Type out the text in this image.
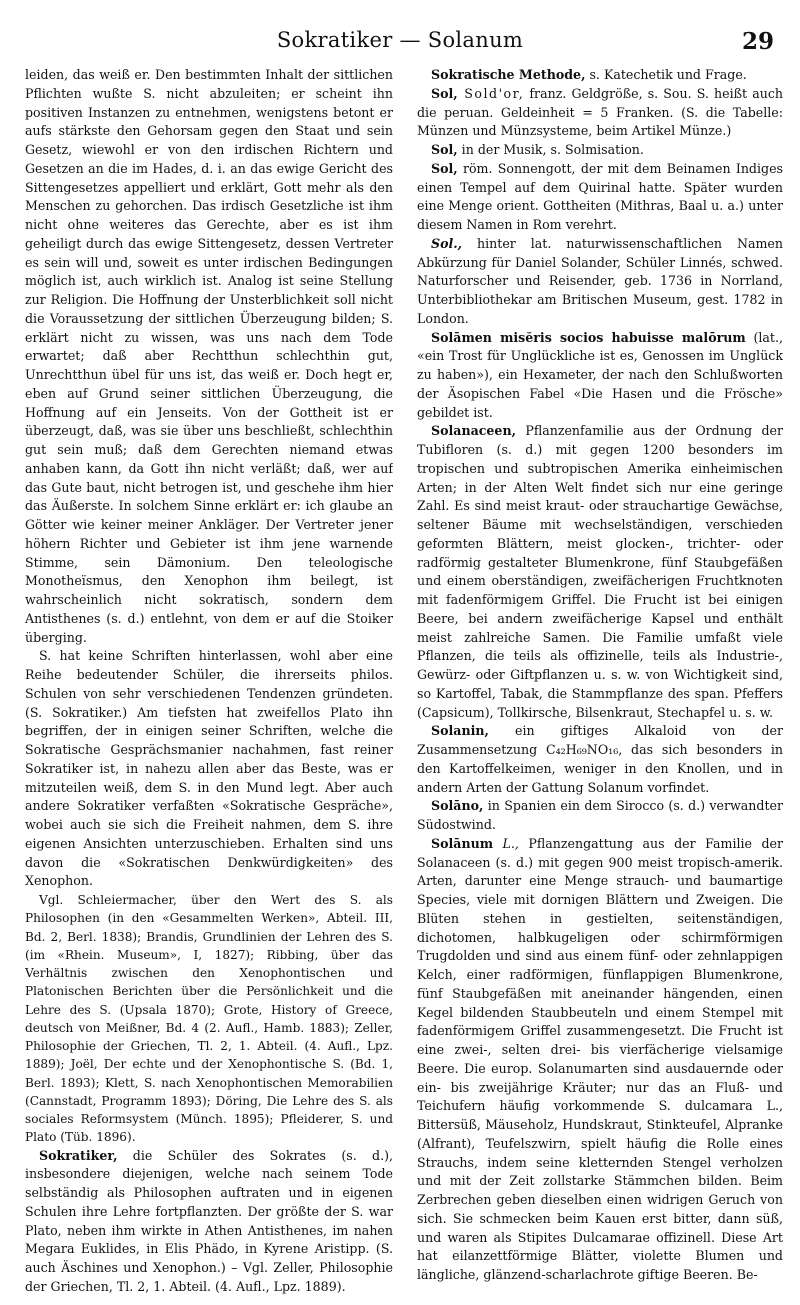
Sokratiker — Solanum	29

leiden, das weiß er. Den bestimmten Inhalt der sittlichen Pflichten wußte S. nicht abzuleiten; er scheint ihn positiven Instanzen zu entnehmen, wenigstens betont er aufs stärkste den Gehorsam gegen den Staat und sein Gesetz, wiewohl er von den irdischen Richtern und Gesetzen an die im Hades, d. i. an das ewige Gericht des Sittengesetzes appelliert und erklärt, Gott mehr als den Menschen zu gehorchen. Das irdisch Gesetzliche ist ihm nicht ohne weiteres das Gerechte, aber es ist ihm geheiligt durch das ewige Sittengesetz, dessen Vertreter es sein will und, soweit es unter irdischen Bedingungen möglich ist, auch wirklich ist. Analog ist seine Stellung zur Religion. Die Hoffnung der Unsterblichkeit soll nicht die Voraussetzung der sittlichen Überzeugung bilden; S. erklärt nicht zu wissen, was uns nach dem Tode erwartet; daß aber Rechtthun schlechthin gut, Unrechtthun übel für uns ist, das weiß er. Doch hegt er, eben auf Grund seiner sittlichen Überzeugung, die Hoffnung auf ein Jenseits. Von der Gottheit ist er überzeugt, daß, was sie über uns beschließt, schlechthin gut sein muß; daß dem Gerechten niemand etwas anhaben kann, da Gott ihn nicht verläßt; daß, wer auf das Gute baut, nicht betrogen ist, und geschehe ihm hier das Äußerste. In solchem Sinne erklärt er: ich glaube an Götter wie keiner meiner Ankläger. Der Vertreter jener höhern Richter und Gebieter ist ihm jene warnende Stimme, sein Dämonium. Den teleologische Monotheïsmus, den Xenophon ihm beilegt, ist wahrscheinlich nicht sokratisch, sondern dem Antisthenes (s. d.) entlehnt, von dem er auf die Stoiker überging.

S. hat keine Schriften hinterlassen, wohl aber eine Reihe bedeutender Schüler, die ihrerseits philos. Schulen von sehr verschiedenen Tendenzen gründeten. (S. Sokratiker.) Am tiefsten hat zweifellos Plato ihn begriffen, der in einigen seiner Schriften, welche die Sokratische Gesprächsmanier nachahmen, fast reiner Sokratiker ist, in nahezu allen aber das Beste, was er mitzuteilen weiß, dem S. in den Mund legt. Aber auch andere Sokratiker verfaßten «Sokratische Gespräche», wobei auch sie sich die Freiheit nahmen, dem S. ihre eigenen Ansichten unterzuschieben. Erhalten sind uns davon die «Sokratischen Denkwürdigkeiten» des Xenophon.

Vgl. Schleiermacher, über den Wert des S. als Philosophen (in den «Gesammelten Werken», Abteil. III, Bd. 2, Berl. 1838); Brandis, Grundlinien der Lehren des S. (im «Rhein. Museum», I, 1827); Ribbing, über das Verhältnis zwischen den Xenophontischen und Platonischen Berichten über die Persönlichkeit und die Lehre des S. (Upsala 1870); Grote, History of Greece, deutsch von Meißner, Bd. 4 (2. Aufl., Hamb. 1883); Zeller, Philosophie der Griechen, Tl. 2, 1. Abteil. (4. Aufl., Lpz. 1889); Joël, Der echte und der Xenophontische S. (Bd. 1, Berl. 1893); Klett, S. nach Xenophontischen Memorabilien (Cannstadt, Programm 1893); Döring, Die Lehre des S. als sociales Reformsystem (Münch. 1895); Pfleiderer, S. und Plato (Tüb. 1896).

Sokratiker, die Schüler des Sokrates (s. d.), insbesondere diejenigen, welche nach seinem Tode selbständig als Philosophen auftraten und in eigenen Schulen ihre Lehre fortpflanzten. Der größte der S. war Plato, neben ihm wirkte in Athen Antisthenes, im nahen Megara Euklides, in Elis Phädo, in Kyrene Aristipp. (S. auch Äschines und Xenophon.) – Vgl. Zeller, Philosophie der Griechen, Tl. 2, 1. Abteil. (4. Aufl., Lpz. 1889).

Sokratische Methode, s. Katechetik und Frage.

Sol, Sold'or, franz. Geldgröße, s. Sou. S. heißt auch die peruan. Geldeinheit = 5 Franken. (S. die Tabelle: Münzen und Münzsysteme, beim Artikel Münze.)

Sol, in der Musik, s. Solmisation.

Sol, röm. Sonnengott, der mit dem Beinamen Indiges einen Tempel auf dem Quirinal hatte. Später wurden eine Menge orient. Gottheiten (Mithras, Baal u. a.) unter diesem Namen in Rom verehrt.

Sol., hinter lat. naturwissenschaftlichen Namen Abkürzung für Daniel Solander, Schüler Linnés, schwed. Naturforscher und Reisender, geb. 1736 in Norrland, Unterbibliothekar am Britischen Museum, gest. 1782 in London.

Solāmen misĕris socios habuisse malōrum (lat., «ein Trost für Unglückliche ist es, Genossen im Unglück zu haben»), ein Hexameter, der nach den Schlußworten der Äsopischen Fabel «Die Hasen und die Frösche» gebildet ist.

Solanaceen, Pflanzenfamilie aus der Ordnung der Tubifloren (s. d.) mit gegen 1200 besonders im tropischen und subtropischen Amerika einheimischen Arten; in der Alten Welt findet sich nur eine geringe Zahl. Es sind meist kraut- oder strauchartige Gewächse, seltener Bäume mit wechselständigen, verschieden geformten Blättern, meist glocken-, trichter- oder radförmig gestalteter Blumenkrone, fünf Staubgefäßen und einem oberständigen, zweifächerigen Fruchtknoten mit fadenförmigem Griffel. Die Frucht ist bei einigen Beere, bei andern zweifächerige Kapsel und enthält meist zahlreiche Samen. Die Familie umfaßt viele Pflanzen, die teils als offizinelle, teils als Industrie-, Gewürz- oder Giftpflanzen u. s. w. von Wichtigkeit sind, so Kartoffel, Tabak, die Stammpflanze des span. Pfeffers (Capsicum), Tollkirsche, Bilsenkraut, Stechapfel u. s. w.

Solanin, ein giftiges Alkaloid von der Zusammensetzung C₄₂H₆₉NO₁₆, das sich besonders in den Kartoffelkeimen, weniger in den Knollen, und in andern Arten der Gattung Solanum vorfindet.

Solāno, in Spanien ein dem Sirocco (s. d.) verwandter Südostwind.

Solānum L., Pflanzengattung aus der Familie der Solanaceen (s. d.) mit gegen 900 meist tropisch-amerik. Arten, darunter eine Menge strauch- und baumartige Species, viele mit dornigen Blättern und Zweigen. Die Blüten stehen in gestielten, seitenständigen, dichotomen, halbkugeligen oder schirmförmigen Trugdolden und sind aus einem fünf- oder zehnlappigen Kelch, einer radförmigen, fünflappigen Blumenkrone, fünf Staubgefäßen mit aneinander hängenden, einen Kegel bildenden Staubbeuteln und einem Stempel mit fadenförmigem Griffel zusammengesetzt. Die Frucht ist eine zwei-, selten drei- bis vierfächerige vielsamige Beere. Die europ. Solanumarten sind ausdauernde oder ein- bis zweijährige Kräuter; nur das an Fluß- und Teichufern häufig vorkommende S. dulcamara L., Bittersüß, Mäuseholz, Hundskraut, Stinkteufel, Alpranke (Alfrant), Teufelszwirn, spielt häufig die Rolle eines Strauchs, indem seine kletternden Stengel verholzen und mit der Zeit zollstarke Stämmchen bilden. Beim Zerbrechen geben dieselben einen widrigen Geruch von sich. Sie schmecken beim Kauen erst bitter, dann süß, und waren als Stipites Dulcamarae offizinell. Diese Art hat eilanzettförmige Blätter, violette Blumen und längliche, glänzend-scharlachrote giftige Beeren. Be-
